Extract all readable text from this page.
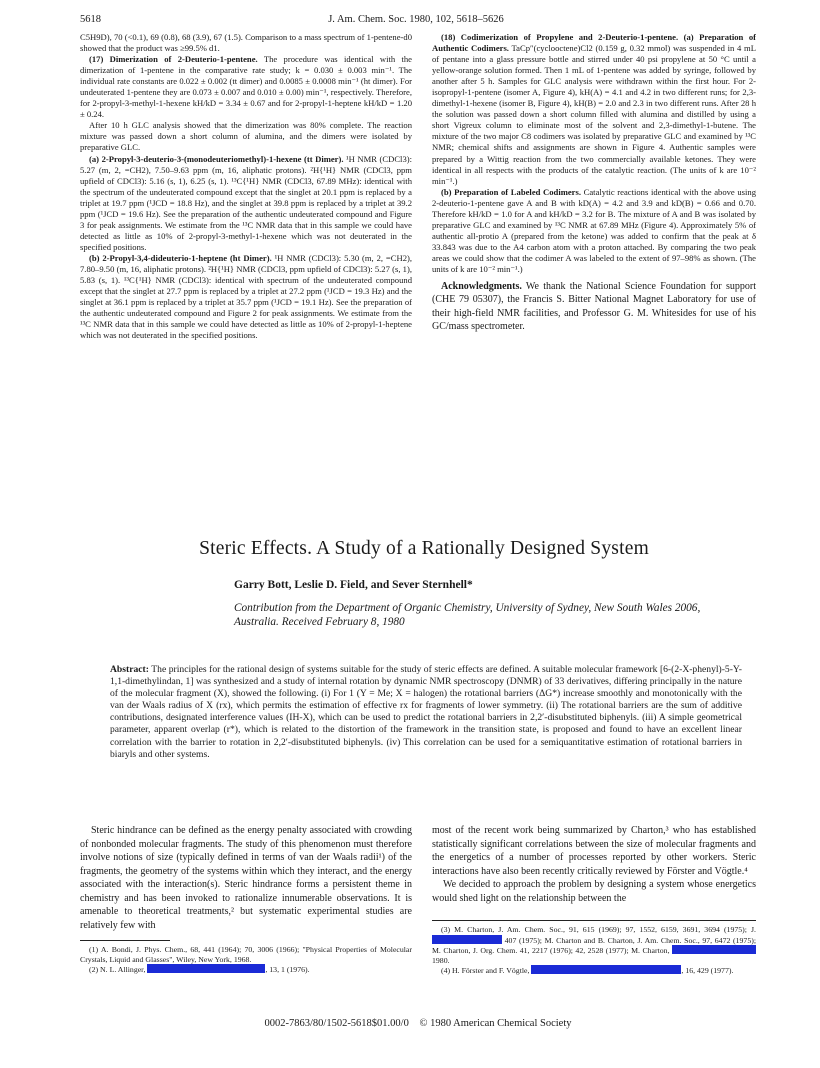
5618	J. Am. Chem. Soc. 1980, 102, 5618–5626

C5H9D), 70 (<0.1), 69 (0.8), 68 (3.9), 67 (1.5). Comparison to a mass spectrum of 1-pentene-d0 showed that the product was ≥99.5% d1.

(17) Dimerization of 2-Deuterio-1-pentene. The procedure was identical with the dimerization of 1-pentene in the comparative rate study; k = 0.030 ± 0.003 min⁻¹. The individual rate constants are 0.022 ± 0.002 (tt dimer) and 0.0085 ± 0.0008 min⁻¹ (ht dimer). For undeuterated 1-pentene they are 0.073 ± 0.007 and 0.010 ± 0.00) min⁻¹, respectively. Therefore, for 2-propyl-3-methyl-1-hexene kH/kD = 3.34 ± 0.67 and for 2-propyl-1-heptene kH/kD = 1.20 ± 0.24.

After 10 h GLC analysis showed that the dimerization was 80% complete. The reaction mixture was passed down a short column of alumina, and the dimers were isolated by preparative GLC.

(a) 2-Propyl-3-deuterio-3-(monodeuteriomethyl)-1-hexene (tt Dimer). ¹H NMR (CDCl3): 5.27 (m, 2, =CH2), 7.50–9.63 ppm (m, 16, aliphatic protons). ²H{¹H} NMR (CDCl3, ppm upfield of CDCl3): 5.16 (s, 1), 6.25 (s, 1). ¹³C{¹H} NMR (CDCl3, 67.89 MHz): identical with the spectrum of the undeuterated compound except that the singlet at 20.1 ppm is replaced by a triplet at 19.7 ppm (¹JCD = 18.8 Hz), and the singlet at 39.8 ppm is replaced by a triplet at 39.2 ppm (¹JCD = 19.6 Hz). See the preparation of the authentic undeuterated compound and Figure 3 for peak assignments. We estimate from the ¹³C NMR data that in this sample we could have detected as little as 10% of 2-propyl-3-methyl-1-hexene which was not deuterated in the specified positions.

(b) 2-Propyl-3,4-dideuterio-1-heptene (ht Dimer). ¹H NMR (CDCl3): 5.30 (m, 2, =CH2), 7.80–9.50 (m, 16, aliphatic protons). ²H{¹H} NMR (CDCl3, ppm upfield of CDCl3): 5.27 (s, 1), 5.83 (s, 1). ¹³C{¹H} NMR (CDCl3): identical with spectrum of the undeuterated compound except that the singlet at 27.7 ppm is replaced by a triplet at 27.2 ppm (¹JCD = 19.3 Hz) and the singlet at 36.1 ppm is replaced by a triplet at 35.7 ppm (¹JCD = 19.1 Hz). See the preparation of the authentic undeuterated compound and Figure 2 for peak assignments. We estimate from the ¹³C NMR data that in this sample we could have detected as little as 10% of 2-propyl-1-heptene which was not deuterated in the specified positions.

(18) Codimerization of Propylene and 2-Deuterio-1-pentene. (a) Preparation of Authentic Codimers. TaCp″(cyclooctene)Cl2 (0.159 g, 0.32 mmol) was suspended in 4 mL of pentane into a glass pressure bottle and stirred under 40 psi propylene at 50 °C until a yellow-orange solution formed. Then 1 mL of 1-pentene was added by syringe, followed by another after 5 h. Samples for GLC analysis were withdrawn within the first hour. For 2-isopropyl-1-pentene (isomer A, Figure 4), kH(A) = 4.1 and 4.2 in two different runs; for 2,3-dimethyl-1-hexene (isomer B, Figure 4), kH(B) = 2.0 and 2.3 in two different runs. After 28 h the solution was passed down a short column filled with alumina and distilled by using a short Vigreux column to eliminate most of the solvent and 2,3-dimethyl-1-butene. The mixture of the two major C8 codimers was isolated by preparative GLC and examined by ¹³C NMR; chemical shifts and assignments are shown in Figure 4. Authentic samples were prepared by a Wittig reaction from the two commercially available ketones. They were identical in all respects with the products of the catalytic reaction. (The units of k are 10⁻² min⁻¹.)

(b) Preparation of Labeled Codimers. Catalytic reactions identical with the above using 2-deuterio-1-pentene gave A and B with kD(A) = 4.2 and 3.9 and kD(B) = 0.66 and 0.70. Therefore kH/kD = 1.0 for A and kH/kD = 3.2 for B. The mixture of A and B was isolated by preparative GLC and examined by ¹³C NMR at 67.89 MHz (Figure 4). Approximately 5% of authentic all-protio A (prepared from the ketone) was added to confirm that the peak at δ 33.843 was due to the A4 carbon atom with a proton attached. By comparing the two peak areas we could show that the codimer A was labeled to the extent of 97–98% as shown. (The units of k are 10⁻² min⁻¹.)

Acknowledgments. We thank the National Science Foundation for support (CHE 79 05307), the Francis S. Bitter National Magnet Laboratory for use of their high-field NMR facilities, and Professor G. M. Whitesides for use of his GC/mass spectrometer.

Steric Effects. A Study of a Rationally Designed System
Garry Bott, Leslie D. Field, and Sever Sternhell*
Contribution from the Department of Organic Chemistry, University of Sydney, New South Wales 2006, Australia. Received February 8, 1980
Abstract: The principles for the rational design of systems suitable for the study of steric effects are defined. A suitable molecular framework [6-(2-X-phenyl)-5-Y-1,1-dimethylindan, 1] was synthesized and a study of internal rotation by dynamic NMR spectroscopy (DNMR) of 33 derivatives, differing principally in the nature of the molecular fragment (X), showed the following. (i) For 1 (Y = Me; X = halogen) the rotational barriers (ΔG*) increase smoothly and monotonically with the van der Waals radius of X (rx), which permits the estimation of effective rx for fragments of lower symmetry. (ii) The rotational barriers are the sum of additive contributions, designated interference values (IH-X), which can be used to predict the rotational barriers in 2,2′-disubstituted biphenyls. (iii) A simple geometrical parameter, apparent overlap (r*), which is related to the distortion of the framework in the transition state, is proposed and found to have an excellent linear correlation with the barrier to rotation in 2,2′-disubstituted biphenyls. (iv) This correlation can be used for a semiquantitative estimation of rotational barriers in biaryls and other systems.

Steric hindrance can be defined as the energy penalty associated with crowding of nonbonded molecular fragments. The study of this phenomenon must therefore involve notions of size (typically defined in terms of van der Waals radii¹) of the fragments, the geometry of the systems within which they interact, and the energy associated with the interaction(s). Steric hindrance forms a persistent theme in chemistry and has been invoked to rationalize innumerable observations. It is amenable to theoretical treatments,² but systematic experimental studies are relatively few with

most of the recent work being summarized by Charton,³ who has established statistically significant correlations between the size of molecular fragments and the energetics of a number of processes reported by other workers. Steric interactions have also been recently critically reviewed by Förster and Vögtle.⁴

We decided to approach the problem by designing a system whose energetics would shed light on the relationship between the

(1) A. Bondi, J. Phys. Chem., 68, 441 (1964); 70, 3006 (1966); "Physical Properties of Molecular Crystals, Liquid and Glasses", Wiley, New York, 1968.

(2) N. L. Allinger,	, 13, 1 (1976).

(3) M. Charton, J. Am. Chem. Soc., 91, 615 (1969); 97, 1552, 6159, 3691, 3694 (1975); J.  407 (1975); M. Charton and B. Charton, J. Am. Chem. Soc., 97, 6472 (1975); M. Charton, J. Org. Chem. 41, 2217 (1976); 42, 2528 (1977); M. Charton,  1980.

(4) H. Förster and F. Vögtle,	, 16, 429 (1977).

0002-7863/80/1502-5618$01.00/0 © 1980 American Chemical Society
